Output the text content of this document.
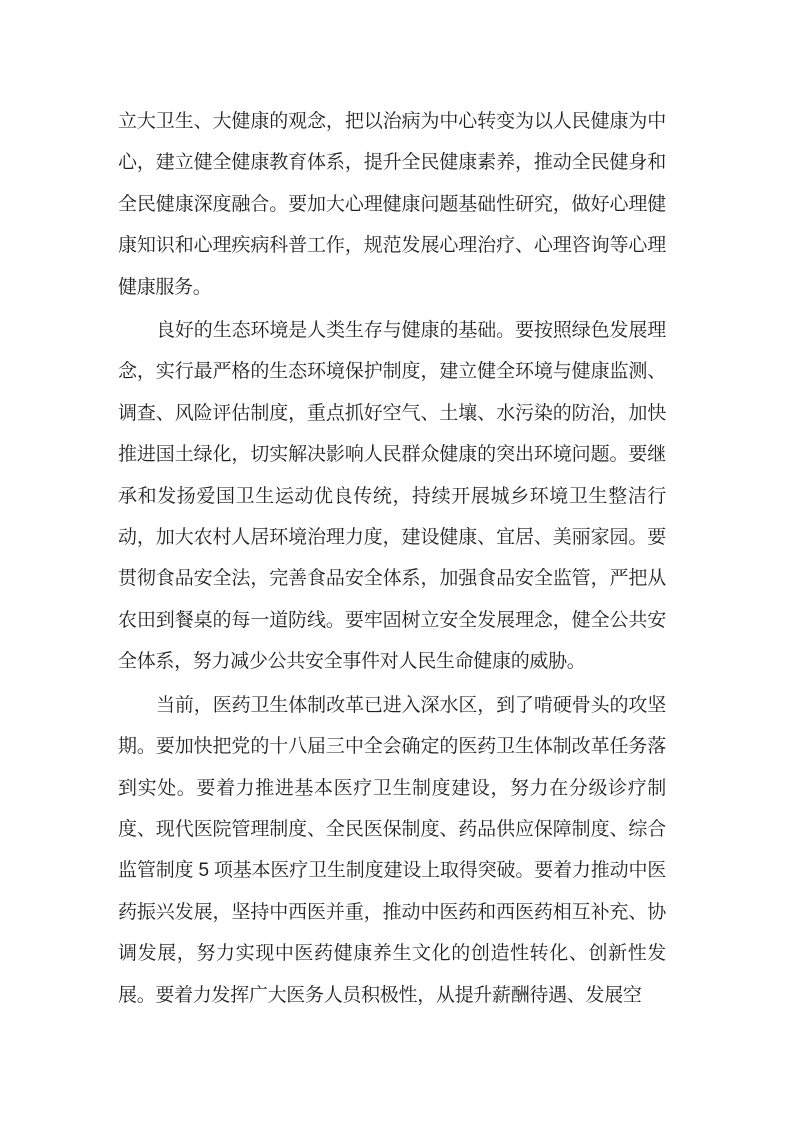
立大卫生、大健康的观念，把以治病为中心转变为以人民健康为中心，建立健全健康教育体系，提升全民健康素养，推动全民健身和全民健康深度融合。要加大心理健康问题基础性研究，做好心理健康知识和心理疾病科普工作，规范发展心理治疗、心理咨询等心理健康服务。

良好的生态环境是人类生存与健康的基础。要按照绿色发展理念，实行最严格的生态环境保护制度，建立健全环境与健康监测、调查、风险评估制度，重点抓好空气、土壤、水污染的防治，加快推进国土绿化，切实解决影响人民群众健康的突出环境问题。要继承和发扬爱国卫生运动优良传统，持续开展城乡环境卫生整洁行动，加大农村人居环境治理力度，建设健康、宜居、美丽家园。要贯彻食品安全法，完善食品安全体系，加强食品安全监管，严把从农田到餐桌的每一道防线。要牢固树立安全发展理念，健全公共安全体系，努力减少公共安全事件对人民生命健康的威胁。

当前，医药卫生体制改革已进入深水区，到了啃硬骨头的攻坚期。要加快把党的十八届三中全会确定的医药卫生体制改革任务落到实处。要着力推进基本医疗卫生制度建设，努力在分级诊疗制度、现代医院管理制度、全民医保制度、药品供应保障制度、综合监管制度 5 项基本医疗卫生制度建设上取得突破。要着力推动中医药振兴发展，坚持中西医并重，推动中医药和西医药相互补充、协调发展，努力实现中医药健康养生文化的创造性转化、创新性发展。要着力发挥广大医务人员积极性，从提升薪酬待遇、发展空
